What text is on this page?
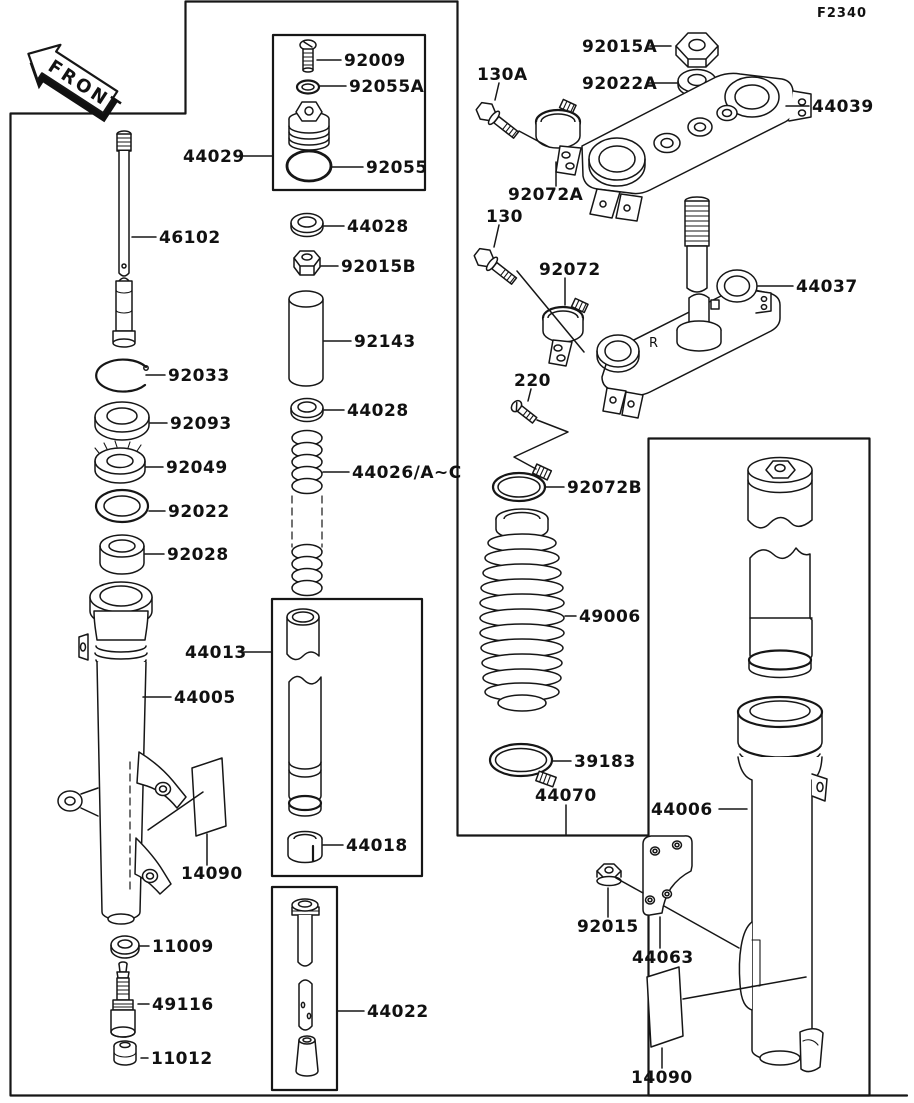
FRONT
F2340
R
92009
92055A
44029
92055
44028
92015B
92143
44028
44026/A~C
46102
92033
92093
92049
92022
92028
44013
44005
44018
14090
11009
49116
11012
44022
92015A
92022A
44039
130A
92072A
130
92072
44037
220
92072B
49006
39183
44070
44006
92015
44063
14090
